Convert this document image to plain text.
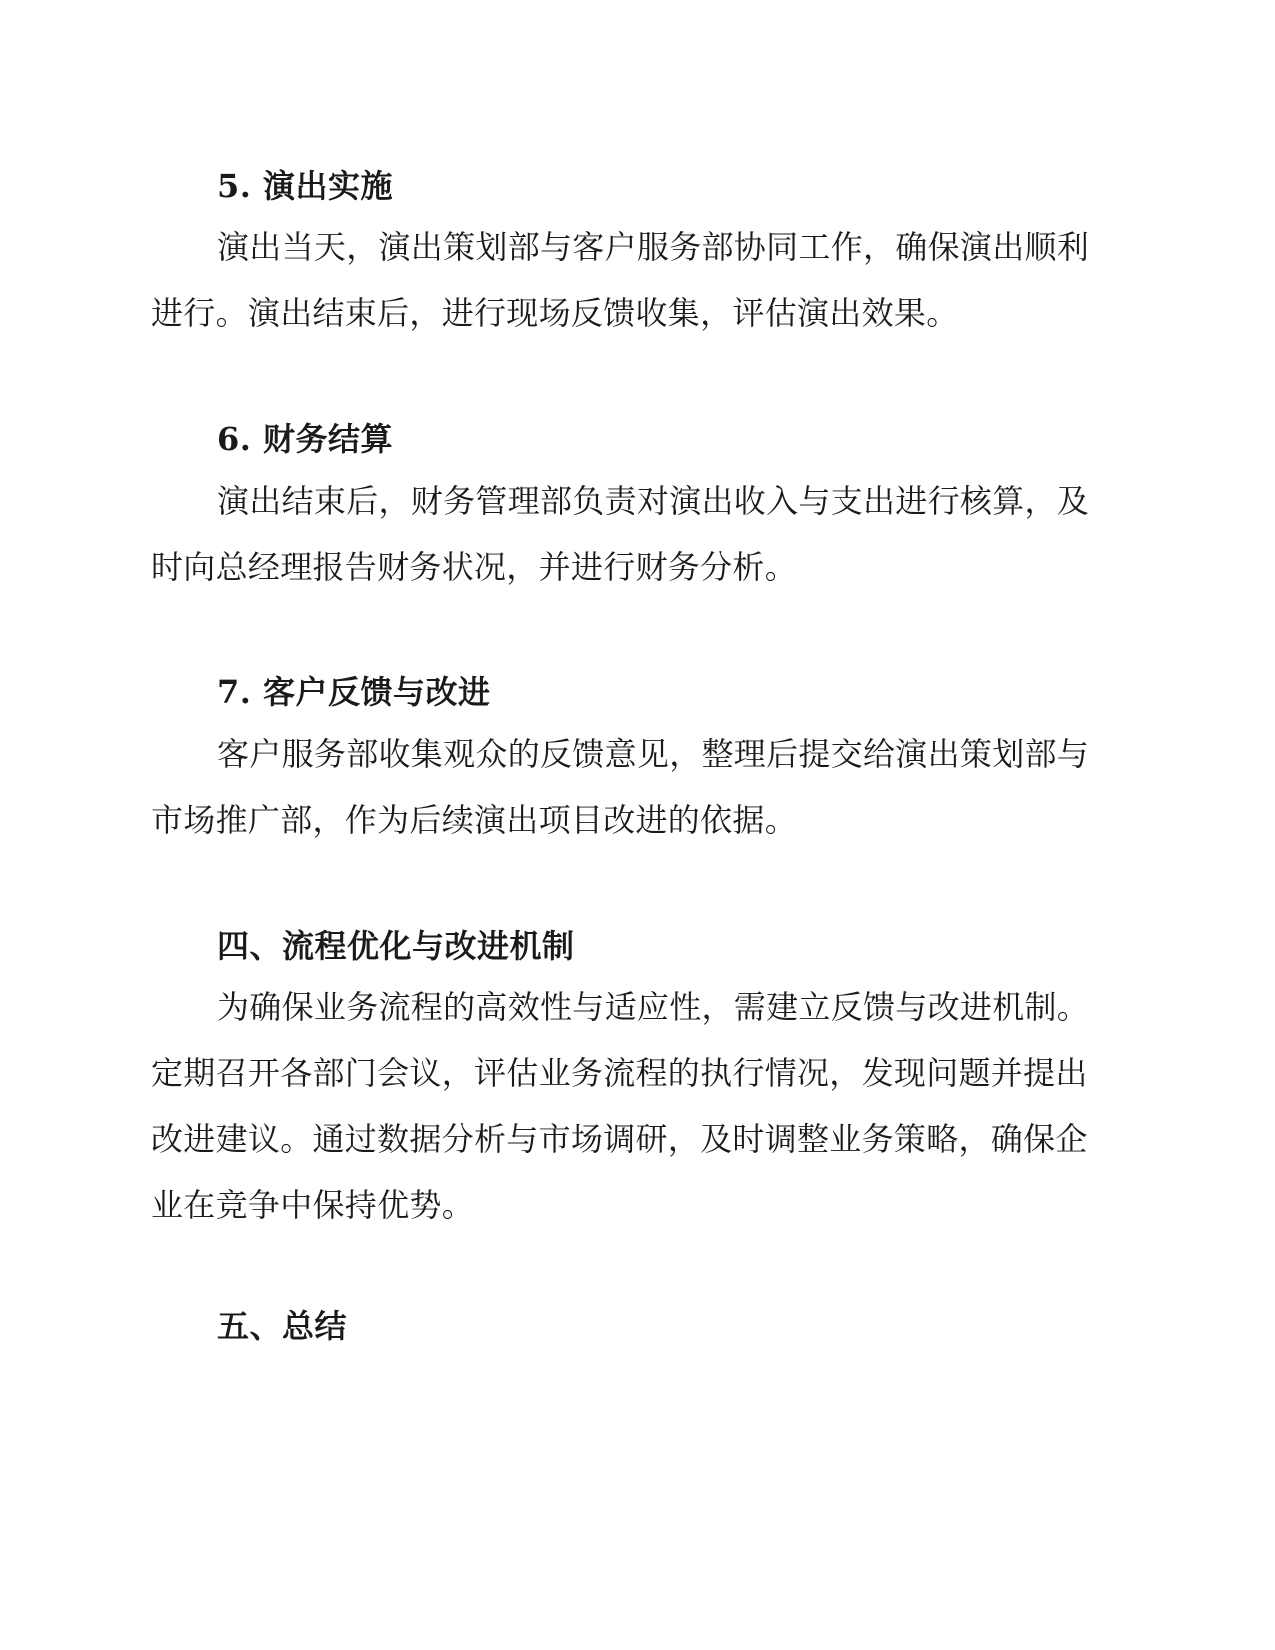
5. 演出实施
演出当天，演出策划部与客户服务部协同工作，确保演出顺利
进行。演出结束后，进行现场反馈收集，评估演出效果。
6. 财务结算
演出结束后，财务管理部负责对演出收入与支出进行核算，及
时向总经理报告财务状况，并进行财务分析。
7. 客户反馈与改进
客户服务部收集观众的反馈意见，整理后提交给演出策划部与
市场推广部，作为后续演出项目改进的依据。
四、流程优化与改进机制
为确保业务流程的高效性与适应性，需建立反馈与改进机制。
定期召开各部门会议，评估业务流程的执行情况，发现问题并提出
改进建议。通过数据分析与市场调研，及时调整业务策略，确保企
业在竞争中保持优势。
五、总结
